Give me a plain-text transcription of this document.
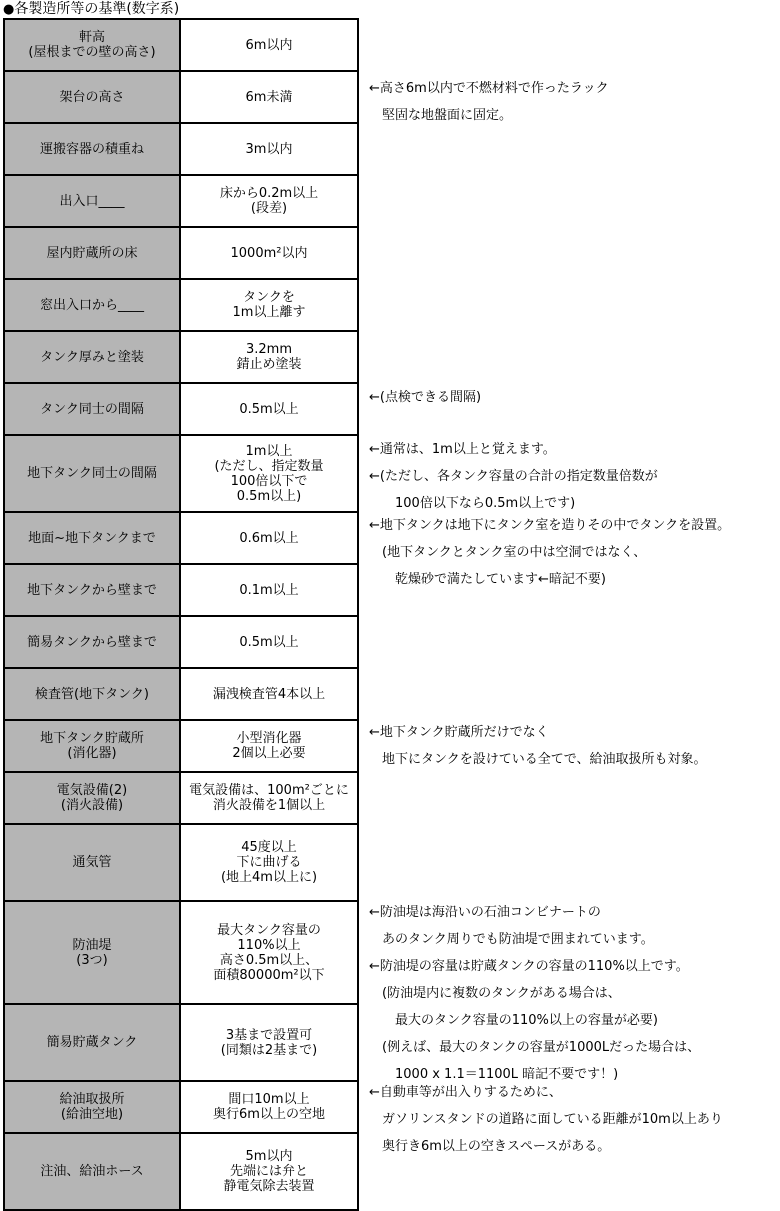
●各製造所等の基準(数字系)
軒高
(屋根までの壁の高さ)	6m以内
架台の高さ	6m未満
運搬容器の積重ね	3m以内
出入口____	床から0.2m以上
(段差)
屋内貯蔵所の床	1000m²以内
窓出入口から____	タンクを
1m以上離す
タンク厚みと塗装	3.2mm
錆止め塗装
タンク同士の間隔	0.5m以上
地下タンク同士の間隔	1m以上
(ただし、指定数量
100倍以下で
0.5m以上)
地面~地下タンクまで	0.6m以上
地下タンクから壁まで	0.1m以上
簡易タンクから壁まで	0.5m以上
検査管(地下タンク)	漏洩検査管4本以上
地下タンク貯蔵所
(消化器)	小型消化器
2個以上必要
電気設備(2)
(消火設備)	電気設備は、100m²ごとに
消火設備を1個以上
通気管	45度以上
下に曲げる
(地上4m以上に)
防油堤
(3つ)	最大タンク容量の
110%以上
高さ0.5m以上、
面積80000m²以下
簡易貯蔵タンク	3基まで設置可
(同類は2基まで)
給油取扱所
(給油空地)	間口10m以上
奥行6m以上の空地
注油、給油ホース	5m以内
先端には弁と
静電気除去装置
←高さ6m以内で不燃材料で作ったラック
　堅固な地盤面に固定。
←(点検できる間隔)
←通常は、1m以上と覚えます。
←(ただし、各タンク容量の合計の指定数量倍数が
　　100倍以下なら0.5m以上です)
←地下タンクは地下にタンク室を造りその中でタンクを設置。
　(地下タンクとタンク室の中は空洞ではなく、
　　乾燥砂で満たしています←暗記不要)
←地下タンク貯蔵所だけでなく
　地下にタンクを設けている全てで、給油取扱所も対象。
←防油堤は海沿いの石油コンビナートの
　あのタンク周りでも防油堤で囲まれています。
←防油堤の容量は貯蔵タンクの容量の110%以上です。
　(防油堤内に複数のタンクがある場合は、
　　最大のタンク容量の110%以上の容量が必要)
　(例えば、最大のタンクの容量が1000Lだった場合は、
　　1000 x 1.1＝1100L 暗記不要です！)
←自動車等が出入りするために、
　ガソリンスタンドの道路に面している距離が10m以上あり
　奥行き6m以上の空きスペースがある。
